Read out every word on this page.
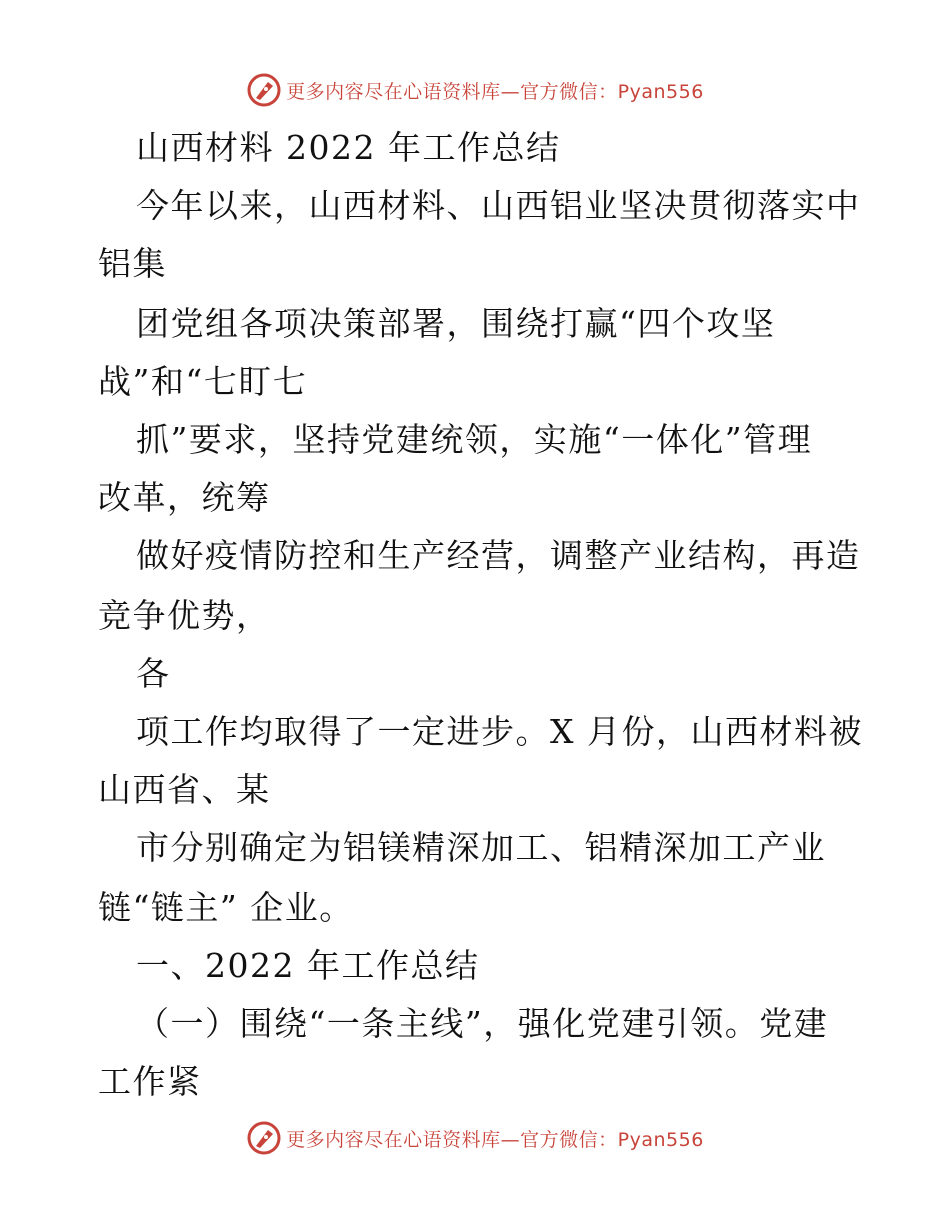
更多内容尽在心语资料库—官方微信：Pyan556
山西材料 2022 年工作总结
今年以来，山西材料、山西铝业坚决贯彻落实中
铝集
团党组各项决策部署，围绕打赢“四个攻坚
战”和“七盯七
抓”要求，坚持党建统领，实施“一体化”管理
改革，统筹
做好疫情防控和生产经营，调整产业结构，再造
竞争优势，
各
项工作均取得了一定进步。X 月份，山西材料被
山西省、某
市分别确定为铝镁精深加工、铝精深加工产业
链“链主” 企业。
一、2022 年工作总结
（一）围绕“一条主线”，强化党建引领。党建
工作紧
更多内容尽在心语资料库—官方微信：Pyan556
